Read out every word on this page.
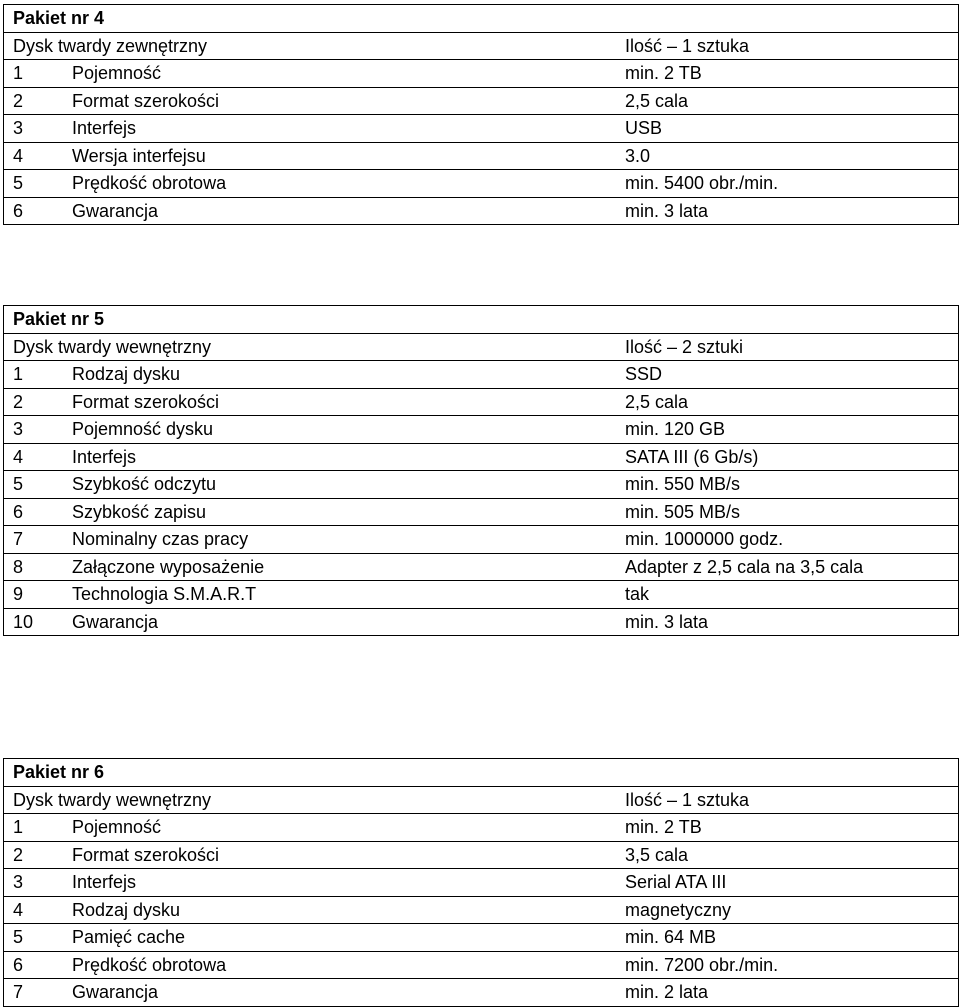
Pakiet nr 4
Dysk twardy zewnętrzny	Ilość – 1 sztuka
1	Pojemność	min. 2 TB
2	Format szerokości	2,5 cala
3	Interfejs	USB
4	Wersja interfejsu	3.0
5	Prędkość obrotowa	min. 5400 obr./min.
6	Gwarancja	min. 3 lata
Pakiet nr 5
Dysk twardy wewnętrzny	Ilość – 2 sztuki
1	Rodzaj dysku	SSD
2	Format szerokości	2,5 cala
3	Pojemność dysku	min. 120 GB
4	Interfejs	SATA III (6 Gb/s)
5	Szybkość odczytu	min. 550 MB/s
6	Szybkość zapisu	min. 505 MB/s
7	Nominalny czas pracy	min. 1000000 godz.
8	Załączone wyposażenie	Adapter z 2,5 cala na 3,5 cala
9	Technologia S.M.A.R.T	tak
10 Gwarancja	min. 3 lata
Pakiet nr 6
Dysk twardy wewnętrzny	Ilość – 1 sztuka
1	Pojemność	min. 2 TB
2	Format szerokości	3,5 cala
3	Interfejs	Serial ATA III
4	Rodzaj dysku	magnetyczny
5	Pamięć cache	min. 64 MB
6	Prędkość obrotowa	min. 7200 obr./min.
7	Gwarancja	min. 2 lata
